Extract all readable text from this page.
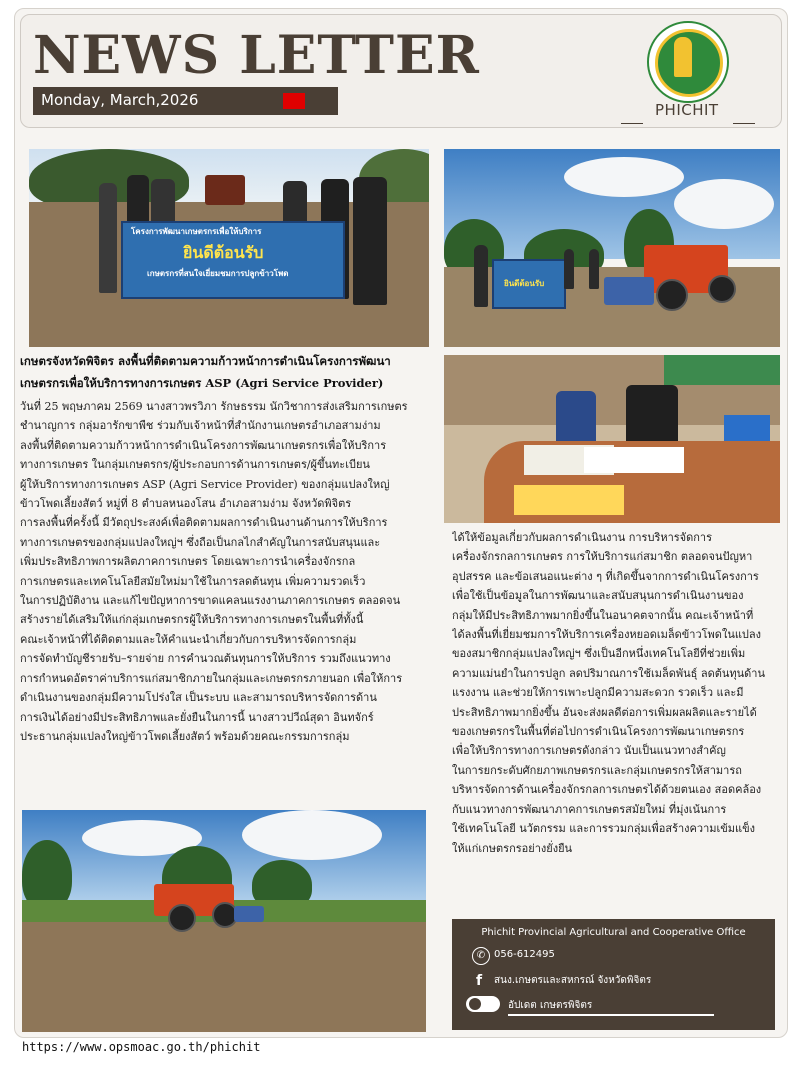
NEWS LETTER
Monday, March,2026
PHICHIT
โครงการพัฒนาเกษตรกรเพื่อให้บริการ
ยินดีต้อนรับ
เกษตรกรที่สนใจเยี่ยมชมการปลูกข้าวโพด
ยินดีต้อนรับ
เกษตรจังหวัดพิจิตร ลงพื้นที่ติดตามความก้าวหน้าการดำเนินโครงการพัฒนา
เกษตรกรเพื่อให้บริการทางการเกษตร ASP (Agri Service Provider)
วันที่ 25 พฤษภาคม 2569 นางสาวพรวิภา รักษธรรม นักวิชาการส่งเสริมการเกษตร
ชำนาญการ กลุ่มอารักขาพืช ร่วมกับเจ้าหน้าที่สำนักงานเกษตรอำเภอสามง่าม
ลงพื้นที่ติดตามความก้าวหน้าการดำเนินโครงการพัฒนาเกษตรกรเพื่อให้บริการ
ทางการเกษตร ในกลุ่มเกษตรกร/ผู้ประกอบการด้านการเกษตร/ผู้ขึ้นทะเบียน
ผู้ให้บริการทางการเกษตร ASP (Agri Service Provider) ของกลุ่มแปลงใหญ่
ข้าวโพดเลี้ยงสัตว์ หมู่ที่ 8 ตำบลหนองโสน อำเภอสามง่าม จังหวัดพิจิตร
การลงพื้นที่ครั้งนี้ มีวัตถุประสงค์เพื่อติดตามผลการดำเนินงานด้านการให้บริการ
ทางการเกษตรของกลุ่มแปลงใหญ่ฯ ซึ่งถือเป็นกลไกสำคัญในการสนับสนุนและ
เพิ่มประสิทธิภาพการผลิตภาคการเกษตร โดยเฉพาะการนำเครื่องจักรกล
การเกษตรและเทคโนโลยีสมัยใหม่มาใช้ในการลดต้นทุน เพิ่มความรวดเร็ว
ในการปฏิบัติงาน และแก้ไขปัญหาการขาดแคลนแรงงานภาคการเกษตร ตลอดจน
สร้างรายได้เสริมให้แก่กลุ่มเกษตรกรผู้ให้บริการทางการเกษตรในพื้นที่ทั้งนี้
คณะเจ้าหน้าที่ได้ติดตามและให้คำแนะนำเกี่ยวกับการบริหารจัดการกลุ่ม
การจัดทำบัญชีรายรับ–รายจ่าย การคำนวณต้นทุนการให้บริการ รวมถึงแนวทาง
การกำหนดอัตราค่าบริการแก่สมาชิกภายในกลุ่มและเกษตรกรภายนอก เพื่อให้การ
ดำเนินงานของกลุ่มมีความโปร่งใส เป็นระบบ และสามารถบริหารจัดการด้าน
การเงินได้อย่างมีประสิทธิภาพและยั่งยืนในการนี้ นางสาวปวีณ์สุดา อินทจักร์
ประธานกลุ่มแปลงใหญ่ข้าวโพดเลี้ยงสัตว์ พร้อมด้วยคณะกรรมการกลุ่ม
ได้ให้ข้อมูลเกี่ยวกับผลการดำเนินงาน การบริหารจัดการ
เครื่องจักรกลการเกษตร การให้บริการแก่สมาชิก ตลอดจนปัญหา
อุปสรรค และข้อเสนอแนะต่าง ๆ ที่เกิดขึ้นจากการดำเนินโครงการ
เพื่อใช้เป็นข้อมูลในการพัฒนาและสนับสนุนการดำเนินงานของ
กลุ่มให้มีประสิทธิภาพมากยิ่งขึ้นในอนาคตจากนั้น คณะเจ้าหน้าที่
ได้ลงพื้นที่เยี่ยมชมการให้บริการเครื่องหยอดเมล็ดข้าวโพดในแปลง
ของสมาชิกกลุ่มแปลงใหญ่ฯ ซึ่งเป็นอีกหนึ่งเทคโนโลยีที่ช่วยเพิ่ม
ความแม่นยำในการปลูก ลดปริมาณการใช้เมล็ดพันธุ์ ลดต้นทุนด้าน
แรงงาน และช่วยให้การเพาะปลูกมีความสะดวก รวดเร็ว และมี
ประสิทธิภาพมากยิ่งขึ้น อันจะส่งผลดีต่อการเพิ่มผลผลิตและรายได้
ของเกษตรกรในพื้นที่ต่อไปการดำเนินโครงการพัฒนาเกษตรกร
เพื่อให้บริการทางการเกษตรดังกล่าว นับเป็นแนวทางสำคัญ
ในการยกระดับศักยภาพเกษตรกรและกลุ่มเกษตรกรให้สามารถ
บริหารจัดการด้านเครื่องจักรกลการเกษตรได้ด้วยตนเอง สอดคล้อง
กับแนวทางการพัฒนาภาคการเกษตรสมัยใหม่ ที่มุ่งเน้นการ
ใช้เทคโนโลยี นวัตกรรม และการรวมกลุ่มเพื่อสร้างความเข้มแข็ง
ให้แก่เกษตรกรอย่างยั่งยืน
Phichit Provincial Agricultural and Cooperative Office
✆ 056-612495
f สนง.เกษตรและสหกรณ์ จังหวัดพิจิตร
อัปเดต เกษตรพิจิตร
https://www.opsmoac.go.th/phichit
